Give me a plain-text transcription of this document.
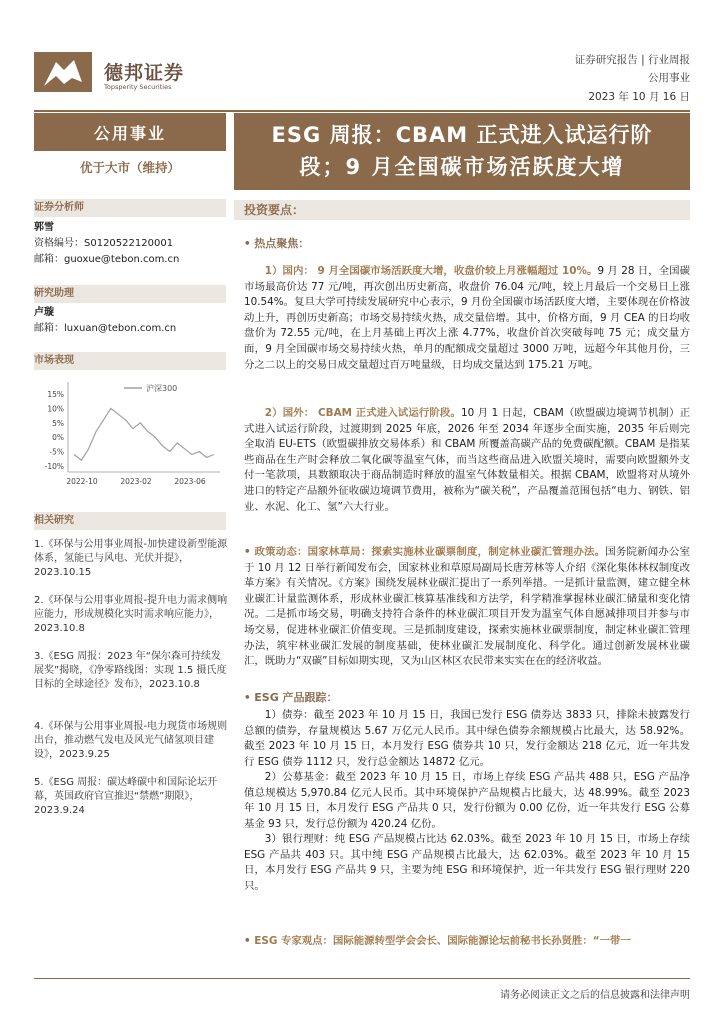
德邦证券
Topsperity Securities
证券研究报告 | 行业周报
公用事业
2023 年 10 月 16 日
公用事业
优于大市（维持）
证券分析师
郭雪
资格编号：S0120522120001
邮箱：guoxue@tebon.com.cn
研究助理
卢璇
邮箱：luxuan@tebon.com.cn
市场表现
15%
10%
5%
0%
-5%
-10%
2022-10	2023-02	2023-06
沪深300
相关研究
1.《环保与公用事业周报-加快建设新型能源体系，氢能已与风电、光伏并提》，2023.10.15
2.《环保与公用事业周报-提升电力需求侧响应能力，形成规模化实时需求响应能力》，2023.10.8
3.《ESG 周报：2023 年“保尔森可持续发展奖”揭晓，《净零路线图：实现 1.5 摄氏度目标的全球途径》发布》，2023.10.8
4.《环保与公用事业周报-电力现货市场规则出台，推动燃气发电及风光气储氢项目建设》，2023.9.25
5.《ESG 周报：碳达峰碳中和国际论坛开幕，英国政府官宣推迟“禁燃”期限》，2023.9.24
ESG 周报：CBAM 正式进入试运行阶
段；9 月全国碳市场活跃度大增
投资要点：
• 热点聚焦：
1）国内： 9 月全国碳市场活跃度大增，收盘价较上月涨幅超过 10%。9 月 28 日，全国碳市场最高价达 77 元/吨，再次创出历史新高，收盘价 76.04 元/吨，较上月最后一个交易日上涨 10.54%。复旦大学可持续发展研究中心表示，9 月份全国碳市场活跃度大增，主要体现在价格波动上升，再创历史新高；市场交易持续火热，成交量倍增。其中，价格方面，9 月 CEA 的日均收盘价为 72.55 元/吨，在上月基础上再次上涨 4.77%，收盘价首次突破每吨 75 元；成交量方面，9 月全国碳市场交易持续火热，单月的配额成交量超过 3000 万吨，远超今年其他月份，三分之二以上的交易日成交量超过百万吨量级，日均成交量达到 175.21 万吨。
2）国外： CBAM 正式进入试运行阶段。10 月 1 日起，CBAM（欧盟碳边境调节机制）正式进入试运行阶段，过渡期到 2025 年底，2026 年至 2034 年逐步全面实施，2035 年后则完全取消 EU-ETS（欧盟碳排放交易体系）和 CBAM 所覆盖高碳产品的免费碳配额。CBAM 是指某些商品在生产时会释放二氧化碳等温室气体，而当这些商品进入欧盟关境时，需要向欧盟额外支付一笔款项，具数额取决于商品制造时释放的温室气体数量相关。根据 CBAM，欧盟将对从境外进口的特定产品额外征收碳边境调节费用，被称为“碳关税”，产品覆盖范围包括“电力、钢铁、铝业、水泥、化工、氢”六大行业。
• 政策动态：国家林草局：探索实施林业碳票制度，制定林业碳汇管理办法。国务院新闻办公室于 10 月 12 日举行新闻发布会，国家林业和草原局副局长唐芳林等人介绍《深化集体林权制度改革方案》有关情况。《方案》围绕发展林业碳汇提出了一系列举措。一是抓计量监测，建立健全林业碳汇计量监测体系，形成林业碳汇核算基准线和方法学，科学精准掌握林业碳汇储量和变化情况。二是抓市场交易，明确支持符合条件的林业碳汇项目开发为温室气体自愿减排项目并参与市场交易，促进林业碳汇价值变现。三是抓制度建设，探索实施林业碳票制度，制定林业碳汇管理办法，筑牢林业碳汇发展的制度基础，使林业碳汇发展制度化、科学化。通过创新发展林业碳汇，既助力“双碳”目标如期实现，又为山区林区农民带来实实在在的经济收益。
• ESG 产品跟踪：
1）债券：截至 2023 年 10 月 15 日，我国已发行 ESG 债券达 3833 只，排除未披露发行总额的债券，存量规模达 5.67 万亿元人民币。其中绿色债券余额规模占比最大，达 58.92%。截至 2023 年 10 月 15 日，本月发行 ESG 债券共 10 只，发行金额达 218 亿元，近一年共发行 ESG 债券 1112 只，发行总金额达 14872 亿元。
2）公募基金：截至 2023 年 10 月 15 日，市场上存续 ESG 产品共 488 只，ESG 产品净值总规模达 5,970.84 亿元人民币。其中环境保护产品规模占比最大，达 48.99%。截至 2023 年 10 月 15 日，本月发行 ESG 产品共 0 只，发行份额为 0.00 亿份，近一年共发行 ESG 公募基金 93 只，发行总份额为 420.24 亿份。
3）银行理财：纯 ESG 产品规模占比达 62.03%。截至 2023 年 10 月 15 日，市场上存续 ESG 产品共 403 只。其中纯 ESG 产品规模占比最大，达 62.03%。截至 2023 年 10 月 15 日，本月发行 ESG 产品共 9 只，主要为纯 ESG 和环境保护，近一年共发行 ESG 银行理财 220 只。
• ESG 专家观点：国际能源转型学会会长、国际能源论坛前秘书长孙贤胜：“一带一
请务必阅读正文之后的信息披露和法律声明
